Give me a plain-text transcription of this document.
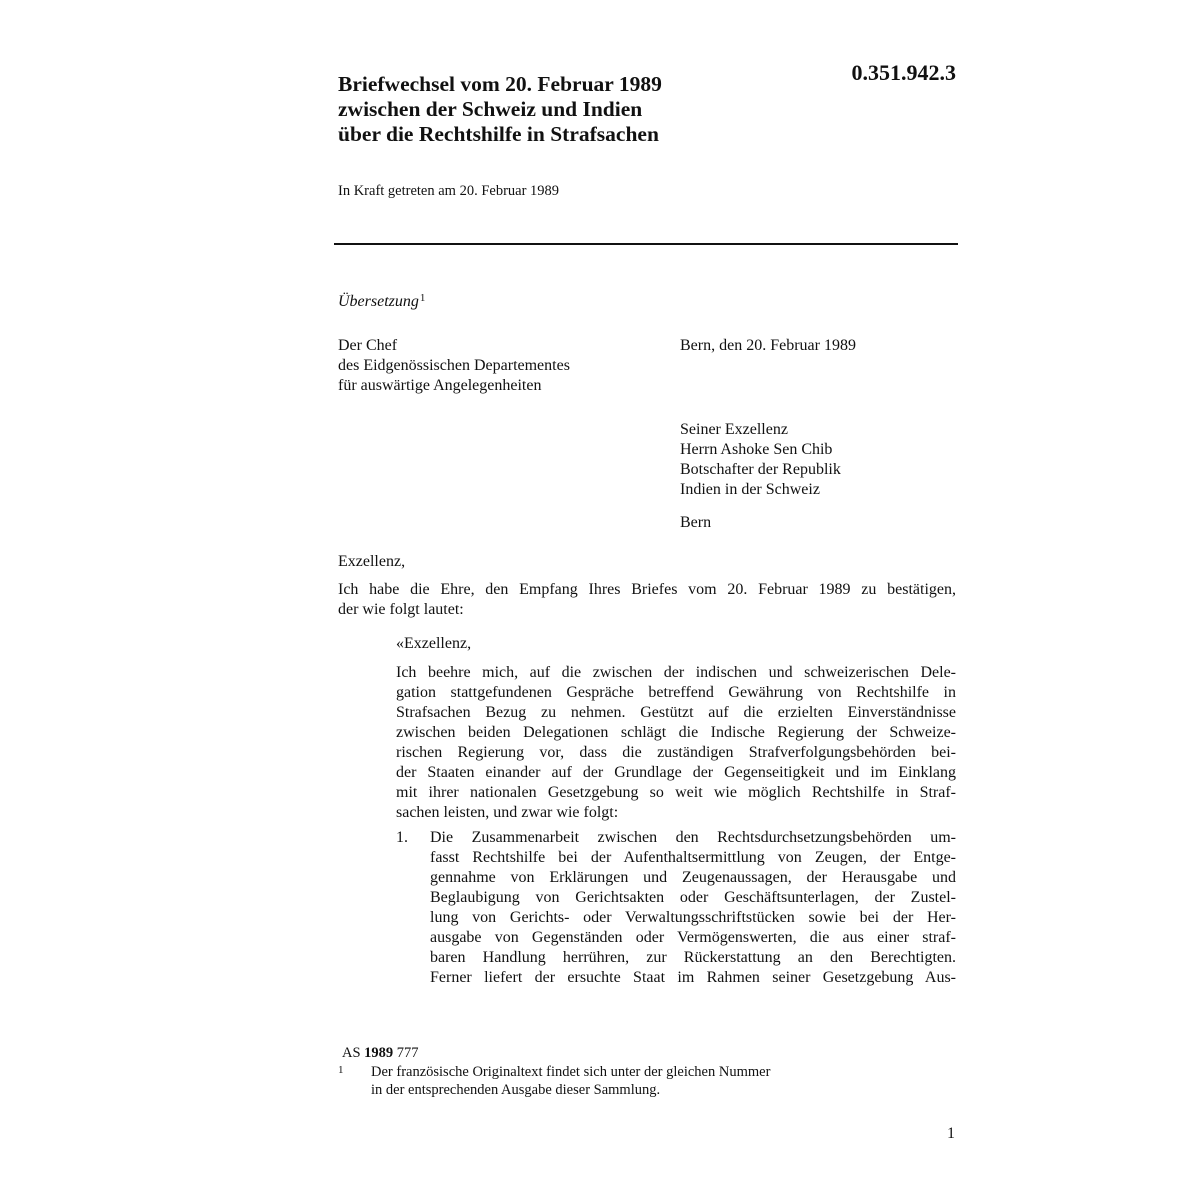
0.351.942.3
Briefwechsel vom 20. Februar 1989
zwischen der Schweiz und Indien
über die Rechtshilfe in Strafsachen
In Kraft getreten am 20. Februar 1989
Übersetzung$^1$
Der Chef
des Eidgenössischen Departementes
für auswärtige Angelegenheiten
Bern, den 20. Februar 1989
Seiner Exzellenz
Herrn Ashoke Sen Chib
Botschafter der Republik
Indien in der Schweiz
Bern
Exzellenz,
Ich habe die Ehre, den Empfang Ihres Briefes vom 20. Februar 1989 zu bestätigen,
der wie folgt lautet:
«Exzellenz,
Ich beehre mich, auf die zwischen der indischen und schweizerischen Dele-
gation stattgefundenen Gespräche betreffend Gewährung von Rechtshilfe in
Strafsachen Bezug zu nehmen. Gestützt auf die erzielten Einverständnisse
zwischen beiden Delegationen schlägt die Indische Regierung der Schweize-
rischen Regierung vor, dass die zuständigen Strafverfolgungsbehörden bei-
der Staaten einander auf der Grundlage der Gegenseitigkeit und im Einklang
mit ihrer nationalen Gesetzgebung so weit wie möglich Rechtshilfe in Straf-
sachen leisten, und zwar wie folgt:
1. Die Zusammenarbeit zwischen den Rechtsdurchsetzungsbehörden um-
fasst Rechtshilfe bei der Aufenthaltsermittlung von Zeugen, der Entge-
gennahme von Erklärungen und Zeugenaussagen, der Herausgabe und
Beglaubigung von Gerichtsakten oder Geschäftsunterlagen, der Zustel-
lung von Gerichts- oder Verwaltungsschriftstücken sowie bei der Her-
ausgabe von Gegenständen oder Vermögenswerten, die aus einer straf-
baren Handlung herrühren, zur Rückerstattung an den Berechtigten.
Ferner liefert der ersuchte Staat im Rahmen seiner Gesetzgebung Aus-
AS 1989 777
1 Der französische Originaltext findet sich unter der gleichen Nummer
in der entsprechenden Ausgabe dieser Sammlung.
1
